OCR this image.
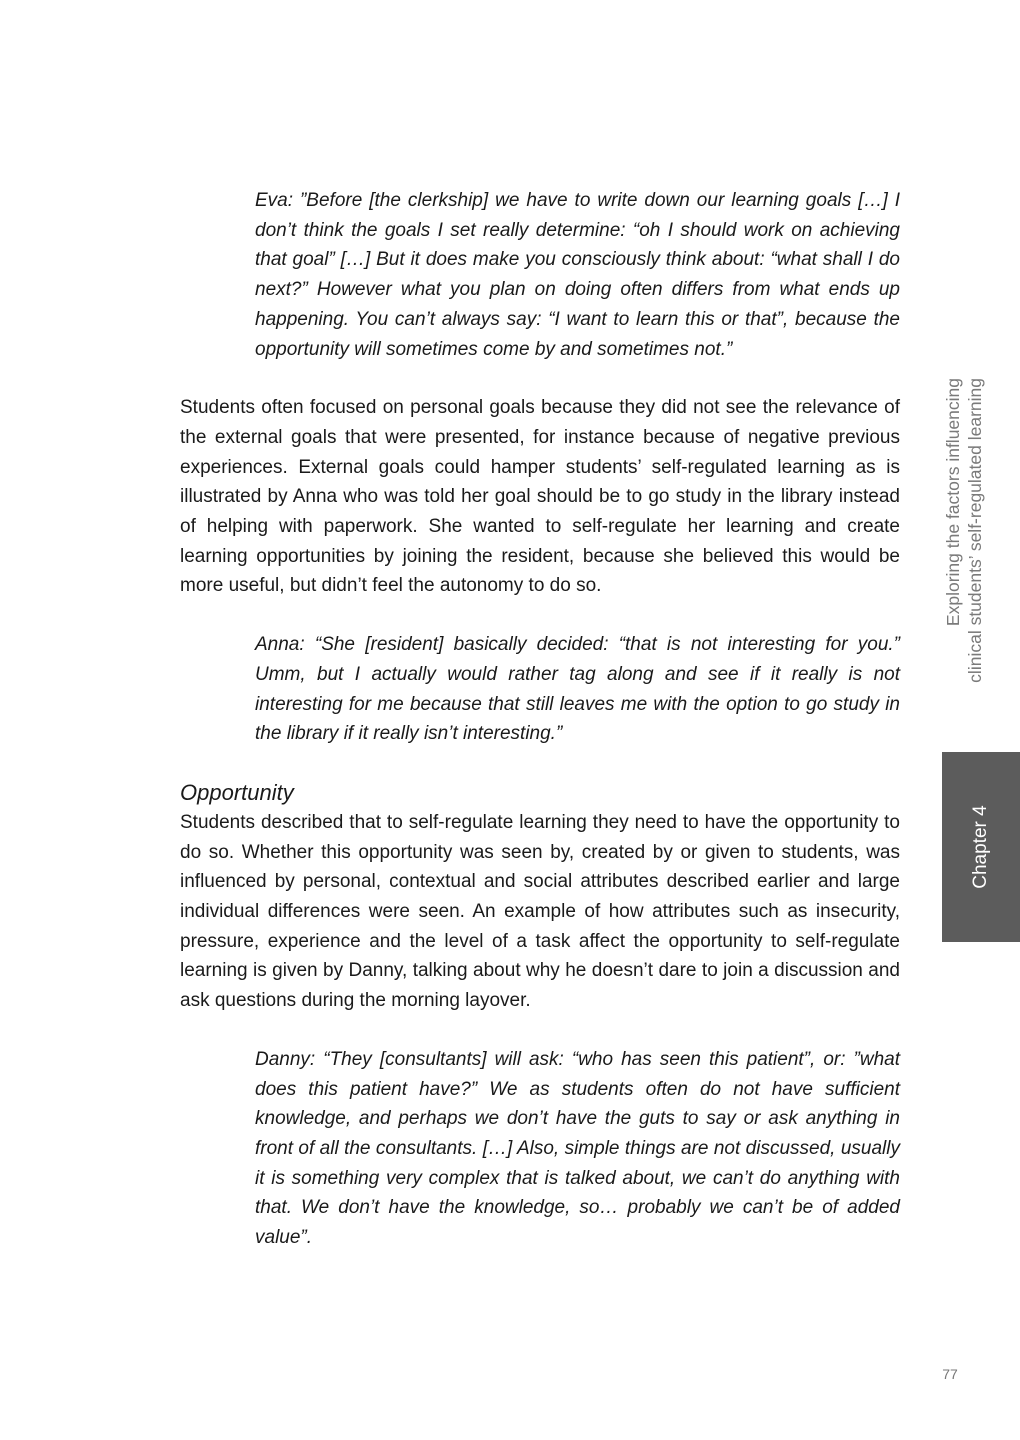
Eva: ”Before [the clerkship] we have to write down our learning goals […] I don’t think the goals I set really determine: “oh I should work on achieving that goal” […] But it does make you consciously think about: “what shall I do next?” However what you plan on doing often differs from what ends up happening. You can’t always say: “I want to learn this or that”, because the opportunity will sometimes come by and sometimes not.”

Students often focused on personal goals because they did not see the relevance of the external goals that were presented, for instance because of negative previous experiences. External goals could hamper students’ self-regulated learning as is illustrated by Anna who was told her goal should be to go study in the library instead of helping with paperwork. She wanted to self-regulate her learning and create learning opportunities by joining the resident, because she believed this would be more useful, but didn’t feel the autonomy to do so.

Anna: “She [resident] basically decided: “that is not interesting for you.” Umm, but I actually would rather tag along and see if it really is not interesting for me because that still leaves me with the option to go study in the library if it really isn’t interesting.”

Opportunity

Students described that to self-regulate learning they need to have the opportunity to do so. Whether this opportunity was seen by, created by or given to students, was influenced by personal, contextual and social attributes described earlier and large individual differences were seen. An example of how attributes such as insecurity, pressure, experience and the level of a task affect the opportunity to self-regulate learning is given by Danny, talking about why he doesn’t dare to join a discussion and ask questions during the morning layover.

Danny: “They [consultants] will ask: “who has seen this patient”, or: ”what does this patient have?” We as students often do not have sufficient knowledge, and perhaps we don’t have the guts to say or ask anything in front of all the consultants. […] Also, simple things are not discussed, usually it is something very complex that is talked about, we can’t do anything with that. We don’t have the knowledge, so… probably we can’t be of added value”.

Exploring the factors influencing clinical students’ self-regulated learning
Chapter 4
77
